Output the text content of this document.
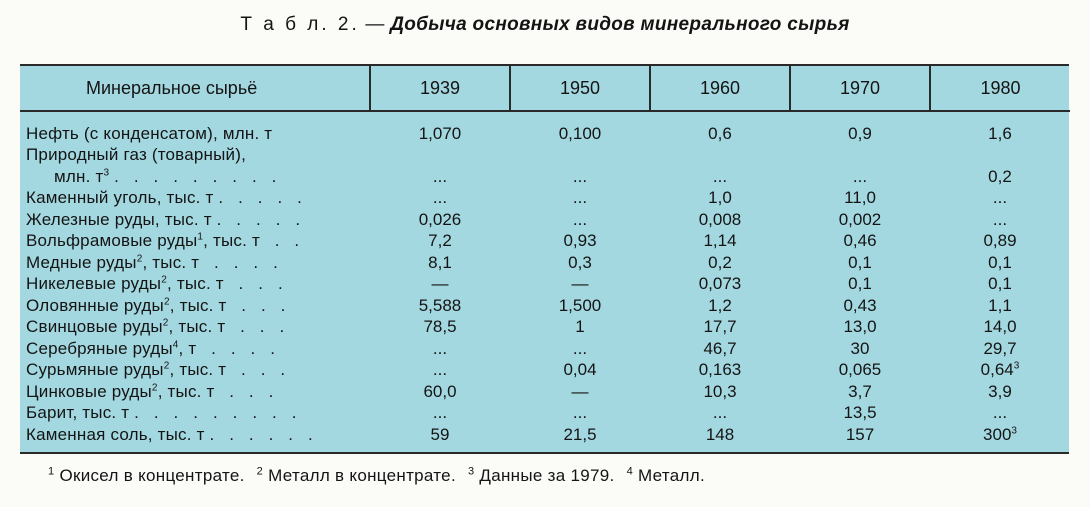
Т а б л. 2. — Добыча основных видов минерального сырья
Минеральное сырьё	1939	1950	1960	1970	1980

Нефть (с конденсатом), млн. т	1,070	0,100	0,6	0,9	1,6
Природный газ (товарный),					
млн. $т^3$ .   .   .   .   .   .   .   .   .	...	...	...	...	0,2
Каменный уголь, тыс. т .   .   .   .   .	...	...	1,0	11,0	...
Железные руды, тыс. т .   .   .   .   .	0,026	...	0,008	0,002	...
Вольфрамовые руды$^1$, тыс. т   .   .	7,2	0,93	1,14	0,46	0,89
Медные руды$^2$, тыс. т   .   .   .   .	8,1	0,3	0,2	0,1	0,1
Никелевые руды$^2$, тыс. т   .   .   .	—	—	0,073	0,1	0,1
Оловянные руды$^2$, тыс. т   .   .   .	5,588	1,500	1,2	0,43	1,1
Свинцовые руды$^2$, тыс. т   .   .   .	78,5	1	17,7	13,0	14,0
Серебряные руды$^4$, т   .   .   .   .	...	...	46,7	30	29,7
Сурьмяные руды$^2$, тыс. т   .   .   .	...	0,04	0,163	0,065	0,64$^3$
Цинковые руды$^2$, тыс. т   .   .   .	60,0	—	10,3	3,7	3,9
Барит, тыс. т .   .   .   .   .   .   .   .   .	...	...	...	13,5	...
Каменная соль, тыс. т .   .   .   .   .   .	59	21,5	148	157	$300^3$
$^1$ Окисел в концентрате. $^2$ Металл в концентрате. $^3$ Данные за 1979. $^4$ Металл.
